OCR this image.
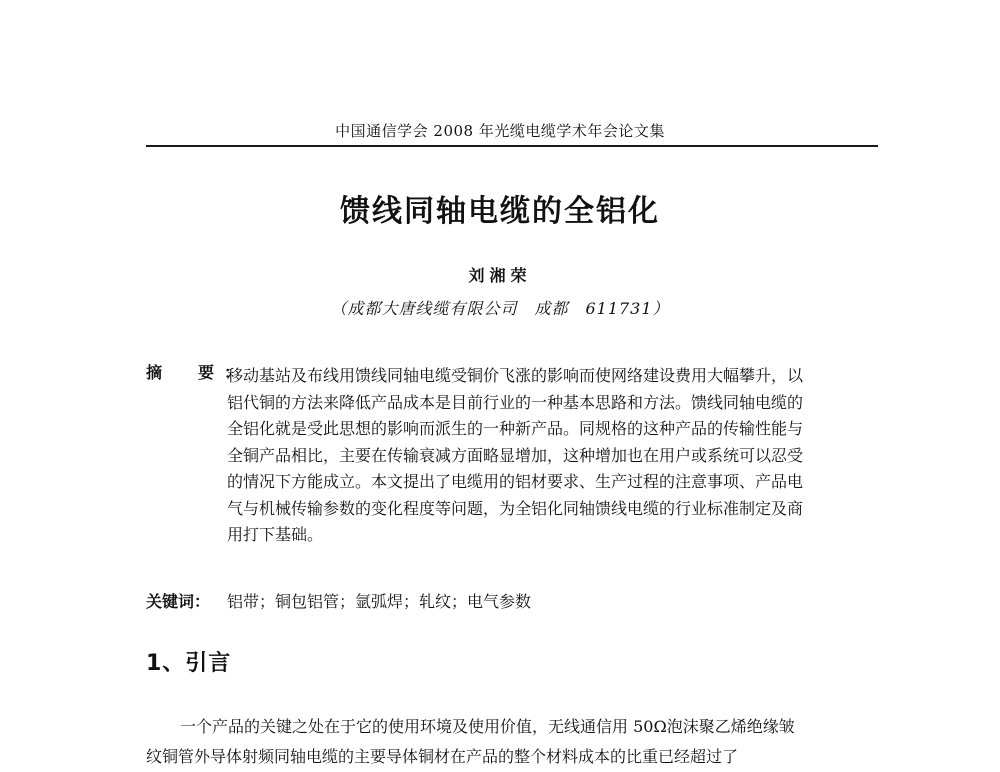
中国通信学会 2008 年光缆电缆学术年会论文集
馈线同轴电缆的全铝化
刘湘荣
（成都大唐线缆有限公司　成都　611731）
摘　要：
移动基站及布线用馈线同轴电缆受铜价飞涨的影响而使网络建设费用大幅攀升，以
铝代铜的方法来降低产品成本是目前行业的一种基本思路和方法。馈线同轴电缆的
全铝化就是受此思想的影响而派生的一种新产品。同规格的这种产品的传输性能与
全铜产品相比，主要在传输衰减方面略显增加，这种增加也在用户或系统可以忍受
的情况下方能成立。本文提出了电缆用的铝材要求、生产过程的注意事项、产品电
气与机械传输参数的变化程度等问题，为全铝化同轴馈线电缆的行业标准制定及商
用打下基础。
关键词： 铝带；铜包铝管；氩弧焊；轧纹；电气参数
1、引言
一个产品的关键之处在于它的使用环境及使用价值，无线通信用 50Ω泡沫聚乙烯绝缘皱
纹铜管外导体射频同轴电缆的主要导体铜材在产品的整个材料成本的比重已经超过了
